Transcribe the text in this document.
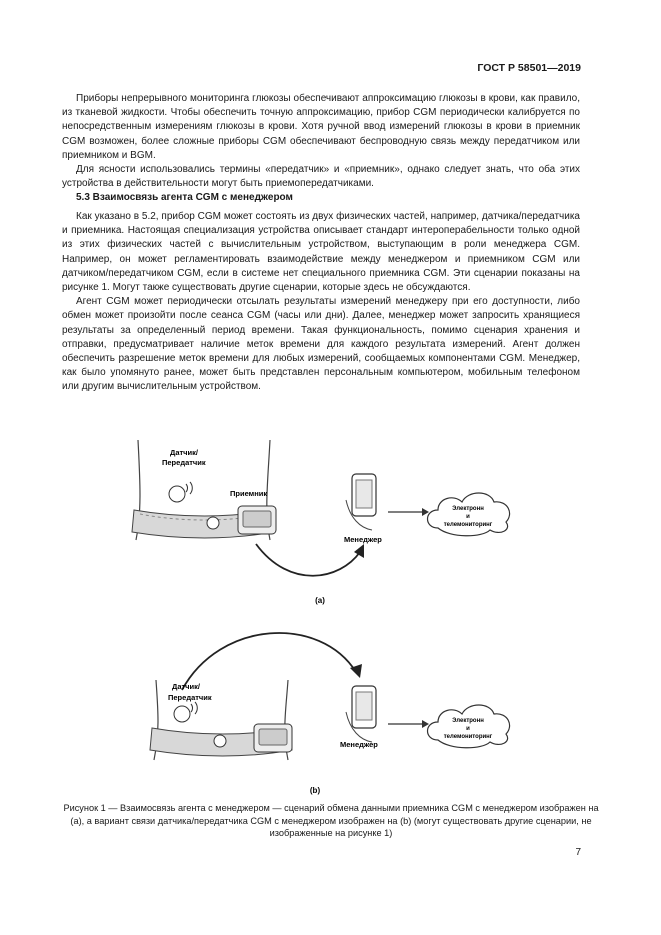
ГОСТ Р 58501—2019

Приборы непрерывного мониторинга глюкозы обеспечивают аппроксимацию глюкозы в крови, как правило, из тканевой жидкости. Чтобы обеспечить точную аппроксимацию, прибор CGM периодически калибруется по непосредственным измерениям глюкозы в крови. Хотя ручной ввод измерений глюкозы в крови в приемник CGM возможен, более сложные приборы CGM обеспечивают беспроводную связь между передатчиком или приемником и BGM.

Для ясности использовались термины «передатчик» и «приемник», однако следует знать, что оба этих устройства в действительности могут быть приемопередатчиками.

5.3 Взаимосвязь агента CGM с менеджером

Как указано в 5.2, прибор CGM может состоять из двух физических частей, например, датчика/передатчика и приемника. Настоящая специализация устройства описывает стандарт интероперабельности только одной из этих физических частей с вычислительным устройством, выступающим в роли менеджера CGM. Например, он может регламентировать взаимодействие между менеджером и приемником CGM или датчиком/передатчиком CGM, если в системе нет специального приемника CGM. Эти сценарии показаны на рисунке 1. Могут также существовать другие сценарии, которые здесь не обсуждаются.

Агент CGM может периодически отсылать результаты измерений менеджеру при его доступности, либо обмен может произойти после сеанса CGM (часы или дни). Далее, менеджер может запросить хранящиеся результаты за определенный период времени. Такая функциональность, помимо сценария хранения и отправки, предусматривает наличие меток времени для каждого результата измерений. Агент должен обеспечить разрешение меток времени для любых измерений, сообщаемых компонентами CGM. Менеджер, как было упомянуто ранее, может быть представлен персональным компьютером, мобильным телефоном или другим вычислительным устройством.

Датчик/
Передатчик
Приемник
Менеджер
Электронн
и
телемониторинг
(a)
Датчик/
Передатчик
Менеджер
Электронн
и
телемониторинг
(b)
Рисунок 1 — Взаимосвязь агента с менеджером — сценарий обмена данными приемника CGM с менеджером изображен на (a), а вариант связи датчика/передатчика CGM с менеджером изображен на (b) (могут существовать другие сценарии, не изображенные на рисунке 1)
7
